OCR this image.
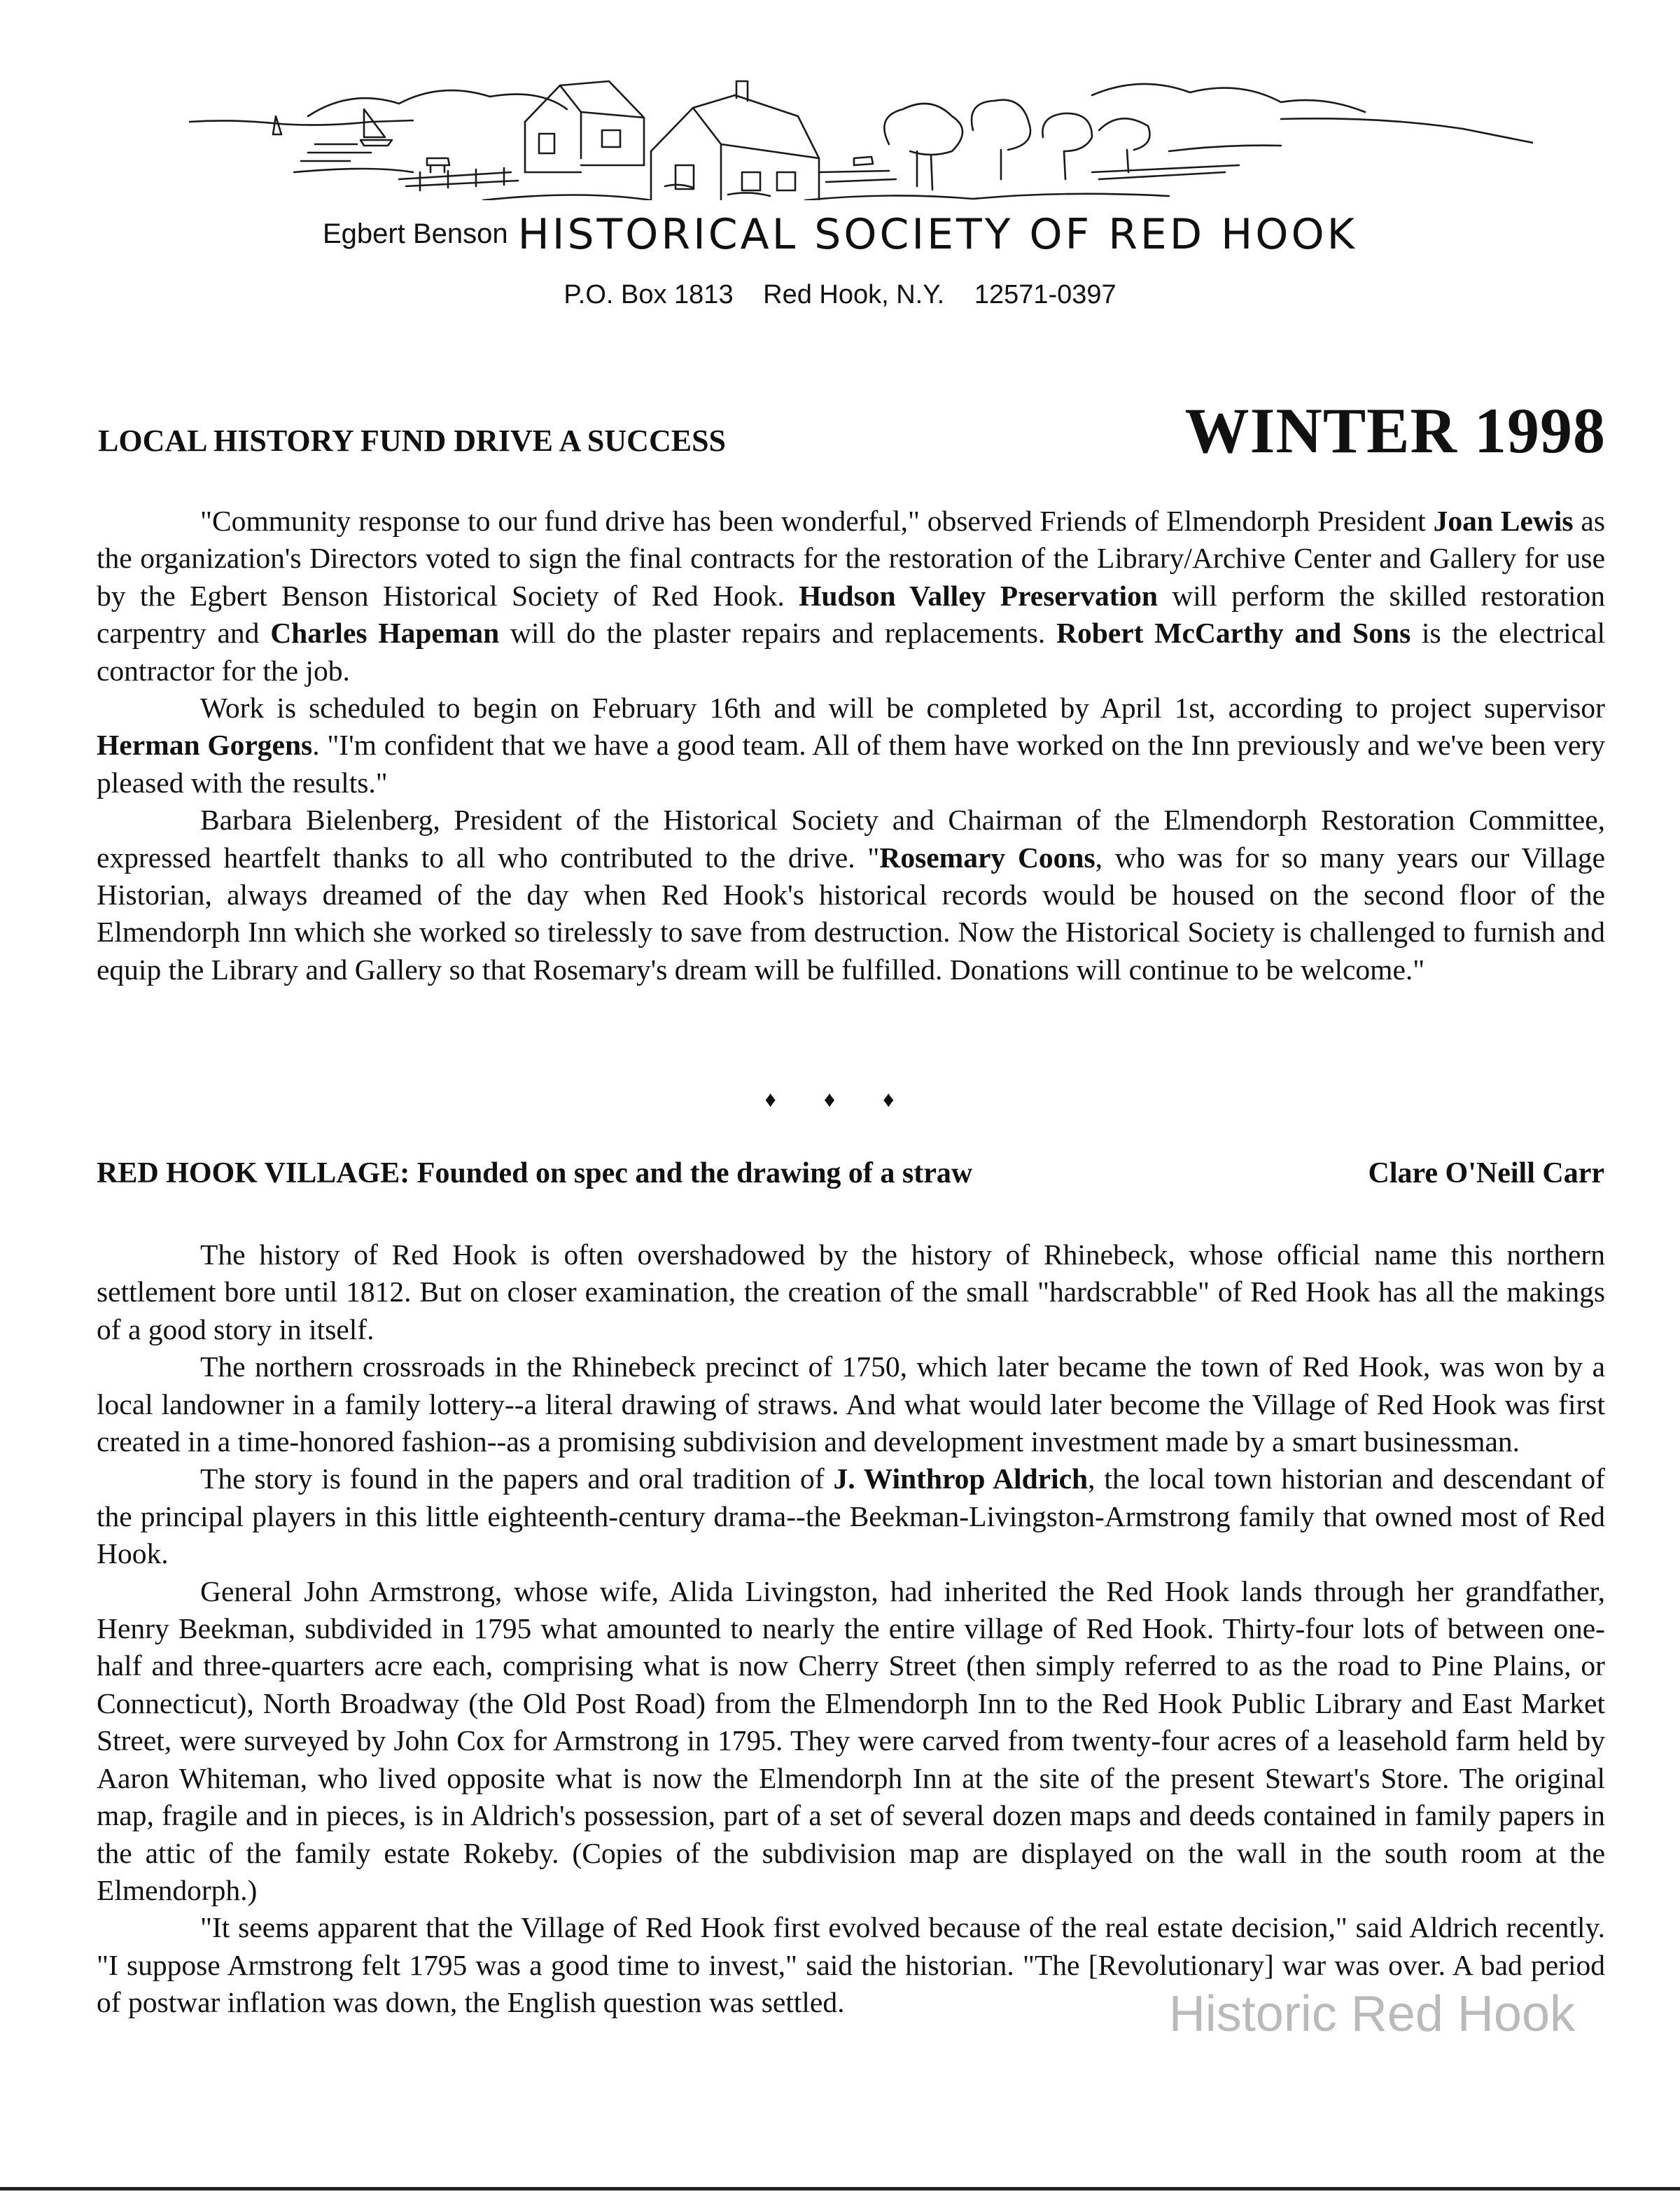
Egbert Benson HISTORICAL SOCIETY OF RED HOOK
P.O. Box 1813 Red Hook, N.Y. 12571-0397
LOCAL HISTORY FUND DRIVE A SUCCESS	WINTER 1998

"Community response to our fund drive has been wonderful," observed Friends of Elmendorph President Joan Lewis as the organization's Directors voted to sign the final contracts for the restoration of the Library/Archive Center and Gallery for use by the Egbert Benson Historical Society of Red Hook. Hudson Valley Preservation will perform the skilled restoration carpentry and Charles Hapeman will do the plaster repairs and replacements. Robert McCarthy and Sons is the electrical contractor for the job.

Work is scheduled to begin on February 16th and will be completed by April 1st, according to project supervisor Herman Gorgens. "I'm confident that we have a good team. All of them have worked on the Inn previously and we've been very pleased with the results."

Barbara Bielenberg, President of the Historical Society and Chairman of the Elmendorph Restoration Committee, expressed heartfelt thanks to all who contributed to the drive. "Rosemary Coons, who was for so many years our Village Historian, always dreamed of the day when Red Hook's historical records would be housed on the second floor of the Elmendorph Inn which she worked so tirelessly to save from destruction. Now the Historical Society is challenged to furnish and equip the Library and Gallery so that Rosemary's dream will be fulfilled. Donations will continue to be welcome."

♦ ♦ ♦
RED HOOK VILLAGE: Founded on spec and the drawing of a straw	Clare O'Neill Carr

The history of Red Hook is often overshadowed by the history of Rhinebeck, whose official name this northern settlement bore until 1812. But on closer examination, the creation of the small "hardscrabble" of Red Hook has all the makings of a good story in itself.

The northern crossroads in the Rhinebeck precinct of 1750, which later became the town of Red Hook, was won by a local landowner in a family lottery--a literal drawing of straws. And what would later become the Village of Red Hook was first created in a time-honored fashion--as a promising subdivision and development investment made by a smart businessman.

The story is found in the papers and oral tradition of J. Winthrop Aldrich, the local town historian and descendant of the principal players in this little eighteenth-century drama--the Beekman-Livingston-Armstrong family that owned most of Red Hook.

General John Armstrong, whose wife, Alida Livingston, had inherited the Red Hook lands through her grandfather, Henry Beekman, subdivided in 1795 what amounted to nearly the entire village of Red Hook. Thirty-four lots of between one-half and three-quarters acre each, comprising what is now Cherry Street (then simply referred to as the road to Pine Plains, or Connecticut), North Broadway (the Old Post Road) from the Elmendorph Inn to the Red Hook Public Library and East Market Street, were surveyed by John Cox for Armstrong in 1795. They were carved from twenty-four acres of a leasehold farm held by Aaron Whiteman, who lived opposite what is now the Elmendorph Inn at the site of the present Stewart's Store. The original map, fragile and in pieces, is in Aldrich's possession, part of a set of several dozen maps and deeds contained in family papers in the attic of the family estate Rokeby. (Copies of the subdivision map are displayed on the wall in the south room at the Elmendorph.)

"It seems apparent that the Village of Red Hook first evolved because of the real estate decision," said Aldrich recently. "I suppose Armstrong felt 1795 was a good time to invest," said the historian. "The [Revolutionary] war was over. A bad period of postwar inflation was down, the English question was settled.	Historic Red Hook
